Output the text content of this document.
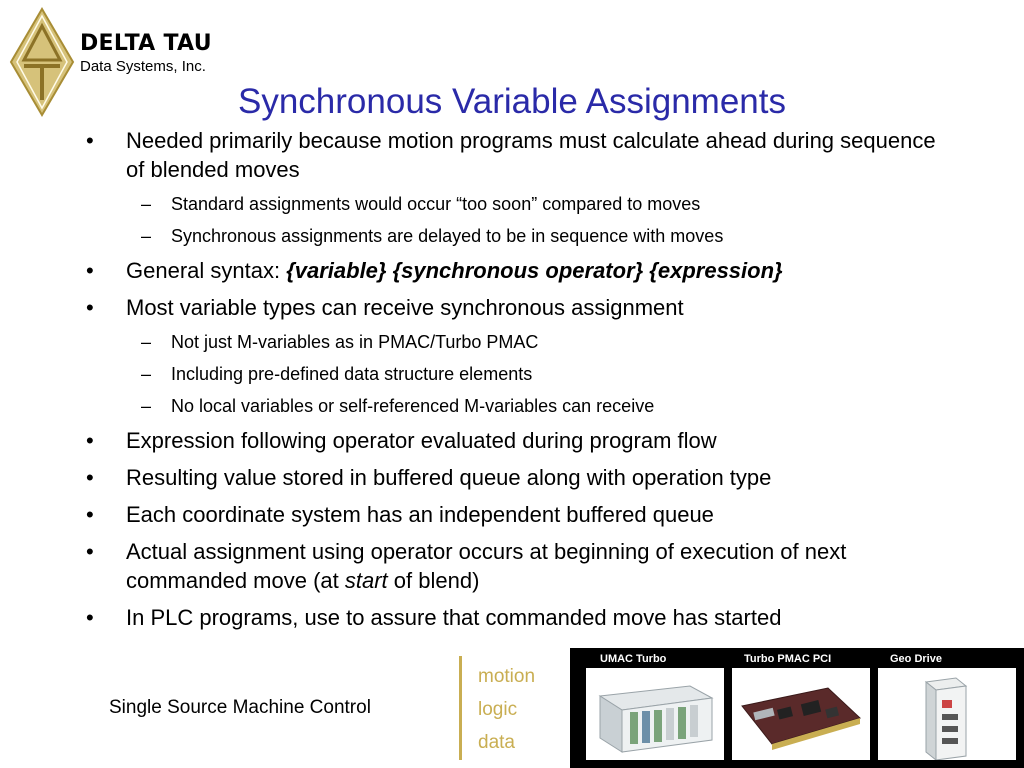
DELTA TAU
Data Systems, Inc.
Synchronous Variable Assignments
• Needed primarily because motion programs must calculate ahead during sequence of blended moves
– Standard assignments would occur “too soon” compared to moves
– Synchronous assignments are delayed to be in sequence with moves
• General syntax: {variable} {synchronous operator} {expression}
• Most variable types can receive synchronous assignment
– Not just M-variables as in PMAC/Turbo PMAC
– Including pre-defined data structure elements
– No local variables or self-referenced M-variables can receive
• Expression following operator evaluated during program flow
• Resulting value stored in buffered queue along with operation type
• Each coordinate system has an independent buffered queue
• Actual assignment using operator occurs at beginning of execution of next commanded move (at start of blend)
• In PLC programs, use to assure that commanded move has started
Single Source Machine Control
motion
logic
data
UMAC Turbo	Turbo PMAC PCI	Geo Drive
